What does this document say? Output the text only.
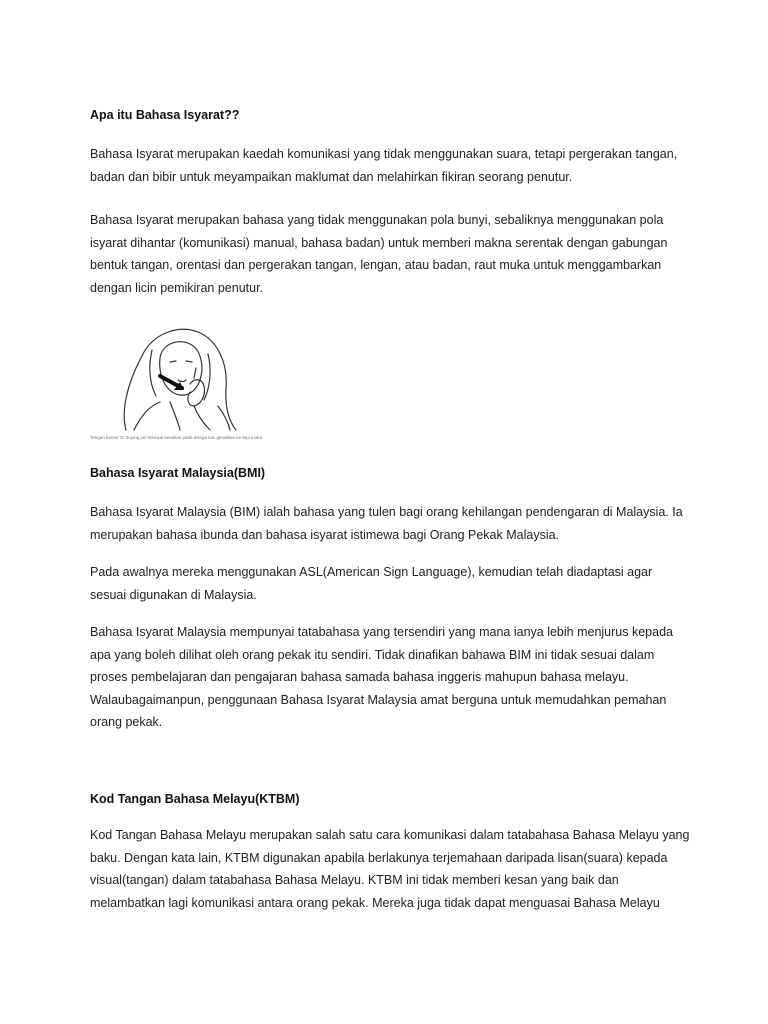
Apa itu Bahasa Isyarat??
Bahasa Isyarat merupakan kaedah komunikasi yang tidak menggunakan suara, tetapi pergerakan tangan, badan dan bibir untuk meyampaikan maklumat dan melahirkan fikiran seorang penutur.
Bahasa Isyarat merupakan bahasa yang tidak menggunakan pola bunyi, sebaliknya menggunakan pola isyarat dihantar (komunikasi) manual, bahasa badan) untuk memberi makna serentak dengan gabungan bentuk tangan, orentasi dan pergerakan tangan, lengan, atau badan, raut muka untuk menggambarkan dengan licin pemikiran penutur.
Tangan kanan 'D' hujung jari telunjuk kesakan pada telinga lalu gerakkan ke tepi mulut
Bahasa Isyarat Malaysia(BMI)
Bahasa Isyarat Malaysia (BIM) ialah bahasa yang tulen bagi orang kehilangan pendengaran di Malaysia. Ia merupakan bahasa ibunda dan bahasa isyarat istimewa bagi Orang Pekak Malaysia.
Pada awalnya mereka menggunakan ASL(American Sign Language), kemudian telah diadaptasi agar sesuai digunakan di Malaysia.
Bahasa Isyarat Malaysia mempunyai tatabahasa yang tersendiri yang mana ianya lebih menjurus kepada apa yang boleh dilihat oleh orang pekak itu sendiri. Tidak dinafikan bahawa BIM ini tidak sesuai dalam proses pembelajaran dan pengajaran bahasa samada bahasa inggeris mahupun bahasa melayu. Walaubagaimanpun, penggunaan Bahasa Isyarat Malaysia amat berguna untuk memudahkan pemahan orang pekak.
Kod Tangan Bahasa Melayu(KTBM)
Kod Tangan Bahasa Melayu merupakan salah satu cara komunikasi dalam tatabahasa Bahasa Melayu yang baku. Dengan kata lain, KTBM digunakan apabila berlakunya terjemahaan daripada lisan(suara) kepada visual(tangan) dalam tatabahasa Bahasa Melayu. KTBM ini tidak memberi kesan yang baik dan melambatkan lagi komunikasi antara orang pekak. Mereka juga tidak dapat menguasai Bahasa Melayu
